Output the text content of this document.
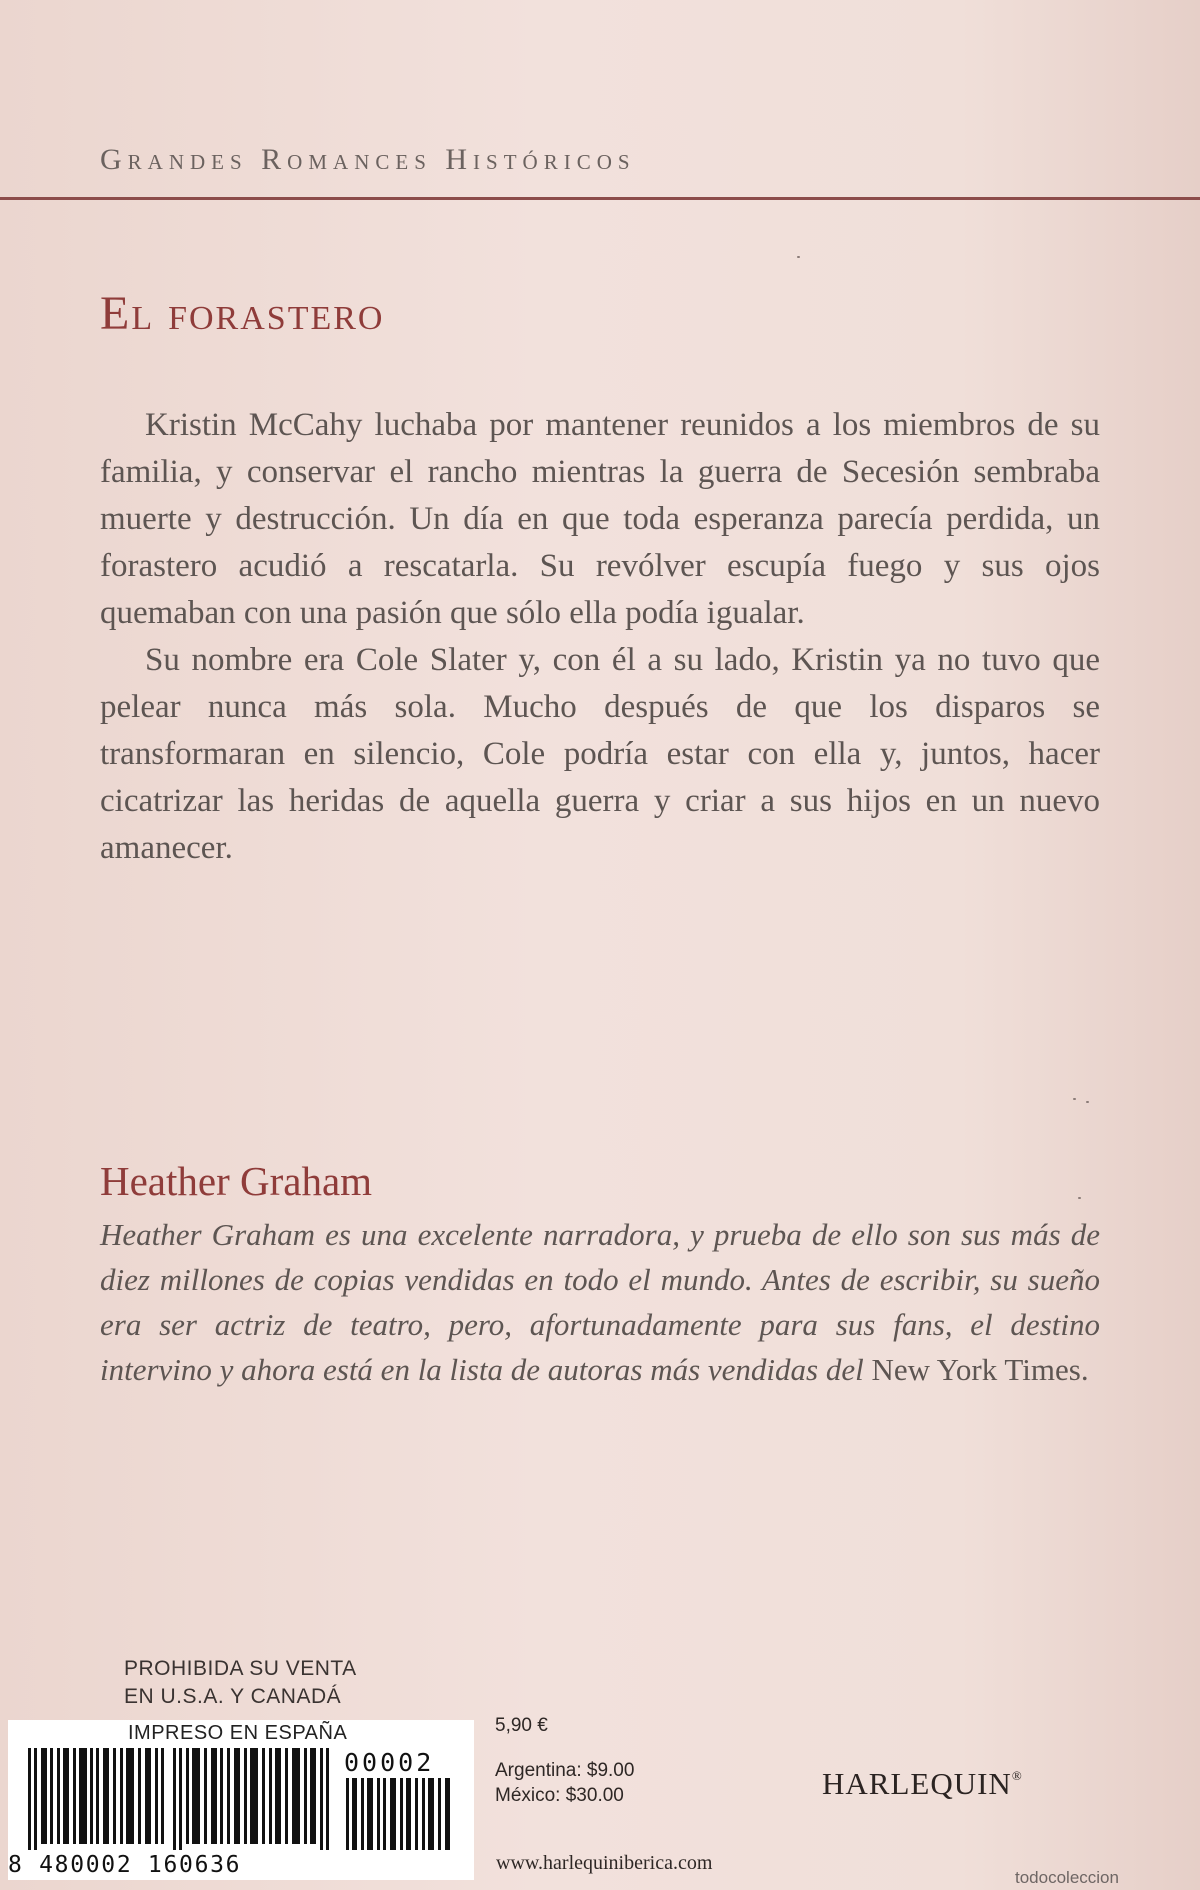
Grandes Romances Históricos
El forastero

Kristin McCahy luchaba por mantener reunidos a los miembros de su familia, y conservar el rancho mientras la guerra de Secesión sembraba muerte y destrucción. Un día en que toda esperanza parecía perdida, un forastero acudió a rescatarla. Su revólver escupía fuego y sus ojos quemaban con una pasión que sólo ella podía igualar.

Su nombre era Cole Slater y, con él a su lado, Kristin ya no tuvo que pelear nunca más sola. Mucho después de que los disparos se transformaran en silencio, Cole podría estar con ella y, juntos, hacer cicatrizar las heridas de aquella guerra y criar a sus hijos en un nuevo amanecer.

Heather Graham
Heather Graham es una excelente narradora, y prueba de ello son sus más de diez millones de copias vendidas en todo el mundo. Antes de escribir, su sueño era ser actriz de teatro, pero, afortunadamente para sus fans, el destino intervino y ahora está en la lista de autoras más vendidas del New York Times.
PROHIBIDA SU VENTA
EN U.S.A. Y CANADÁ
IMPRESO EN ESPAÑA
8 480002 160636
00002
5,90 €
Argentina: $9.00
México: $30.00
www.harlequiniberica.com
HARLEQUIN®
todocoleccion
